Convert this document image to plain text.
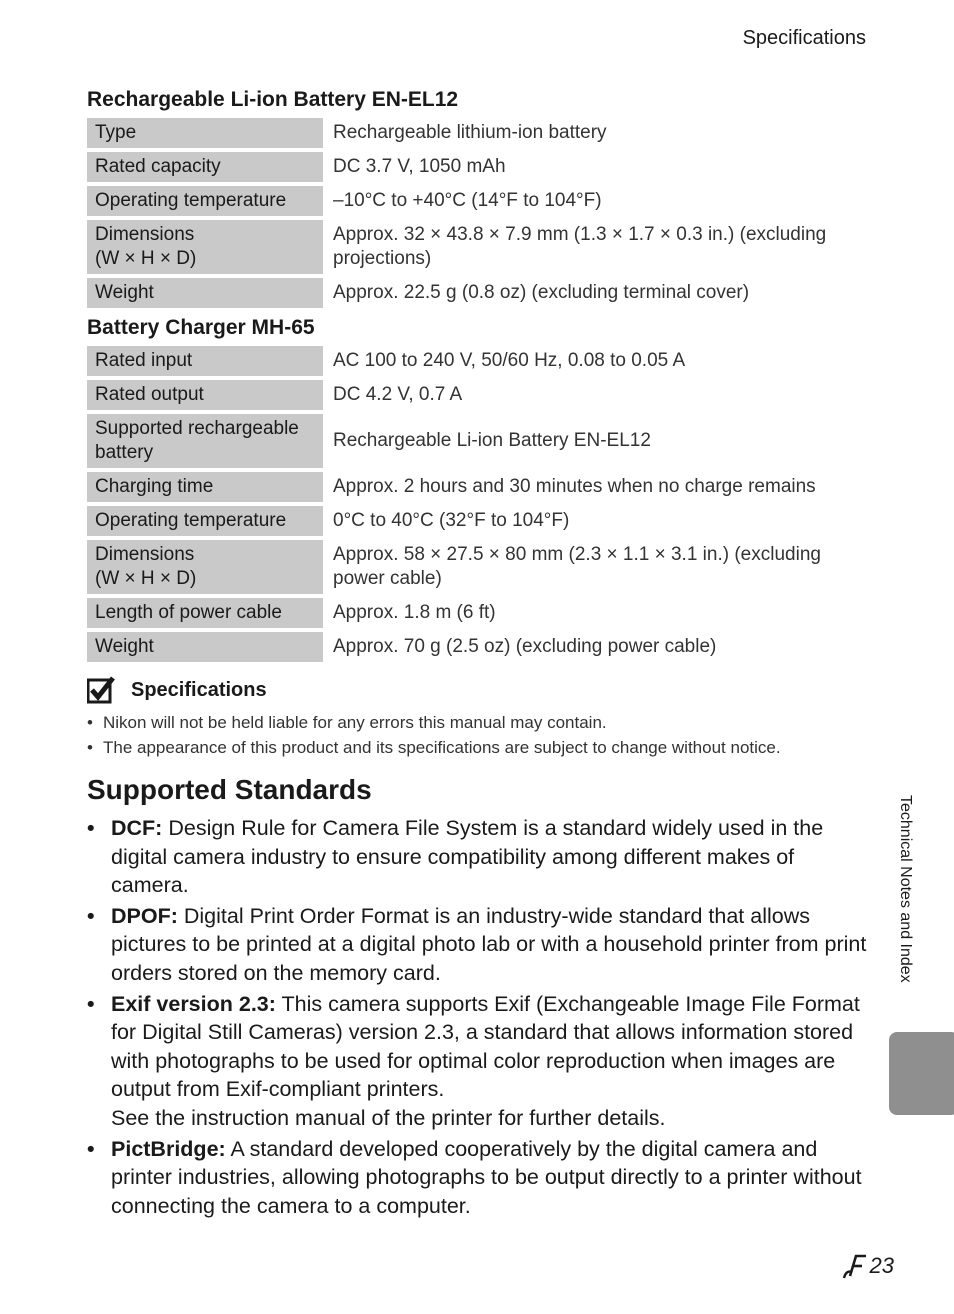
Specifications
Rechargeable Li-ion Battery EN-EL12
Type	Rechargeable lithium-ion battery
Rated capacity	DC 3.7 V, 1050 mAh
Operating temperature	–10°C to +40°C (14°F to 104°F)
Dimensions
(W × H × D)	Approx. 32 × 43.8 × 7.9 mm (1.3 × 1.7 × 0.3 in.) (excluding
projections)
Weight	Approx. 22.5 g (0.8 oz) (excluding terminal cover)
Battery Charger MH-65
Rated input	AC 100 to 240 V, 50/60 Hz, 0.08 to 0.05 A
Rated output	DC 4.2 V, 0.7 A
Supported rechargeable
battery	Rechargeable Li-ion Battery EN-EL12
Charging time	Approx. 2 hours and 30 minutes when no charge remains
Operating temperature	0°C to 40°C (32°F to 104°F)
Dimensions
(W × H × D)	Approx. 58 × 27.5 × 80 mm (2.3 × 1.1 × 3.1 in.) (excluding
power cable)
Length of power cable	Approx. 1.8 m (6 ft)
Weight	Approx. 70 g (2.5 oz) (excluding power cable)
Specifications
• Nikon will not be held liable for any errors this manual may contain.
• The appearance of this product and its specifications are subject to change without notice.
Supported Standards
• DCF: Design Rule for Camera File System is a standard widely used in the digital camera industry to ensure compatibility among different makes of camera.
• DPOF: Digital Print Order Format is an industry-wide standard that allows pictures to be printed at a digital photo lab or with a household printer from print orders stored on the memory card.
• Exif version 2.3: This camera supports Exif (Exchangeable Image File Format for Digital Still Cameras) version 2.3, a standard that allows information stored with photographs to be used for optimal color reproduction when images are output from Exif-compliant printers.
See the instruction manual of the printer for further details.
• PictBridge: A standard developed cooperatively by the digital camera and printer industries, allowing photographs to be output directly to a printer without connecting the camera to a computer.
Technical Notes and Index
23
